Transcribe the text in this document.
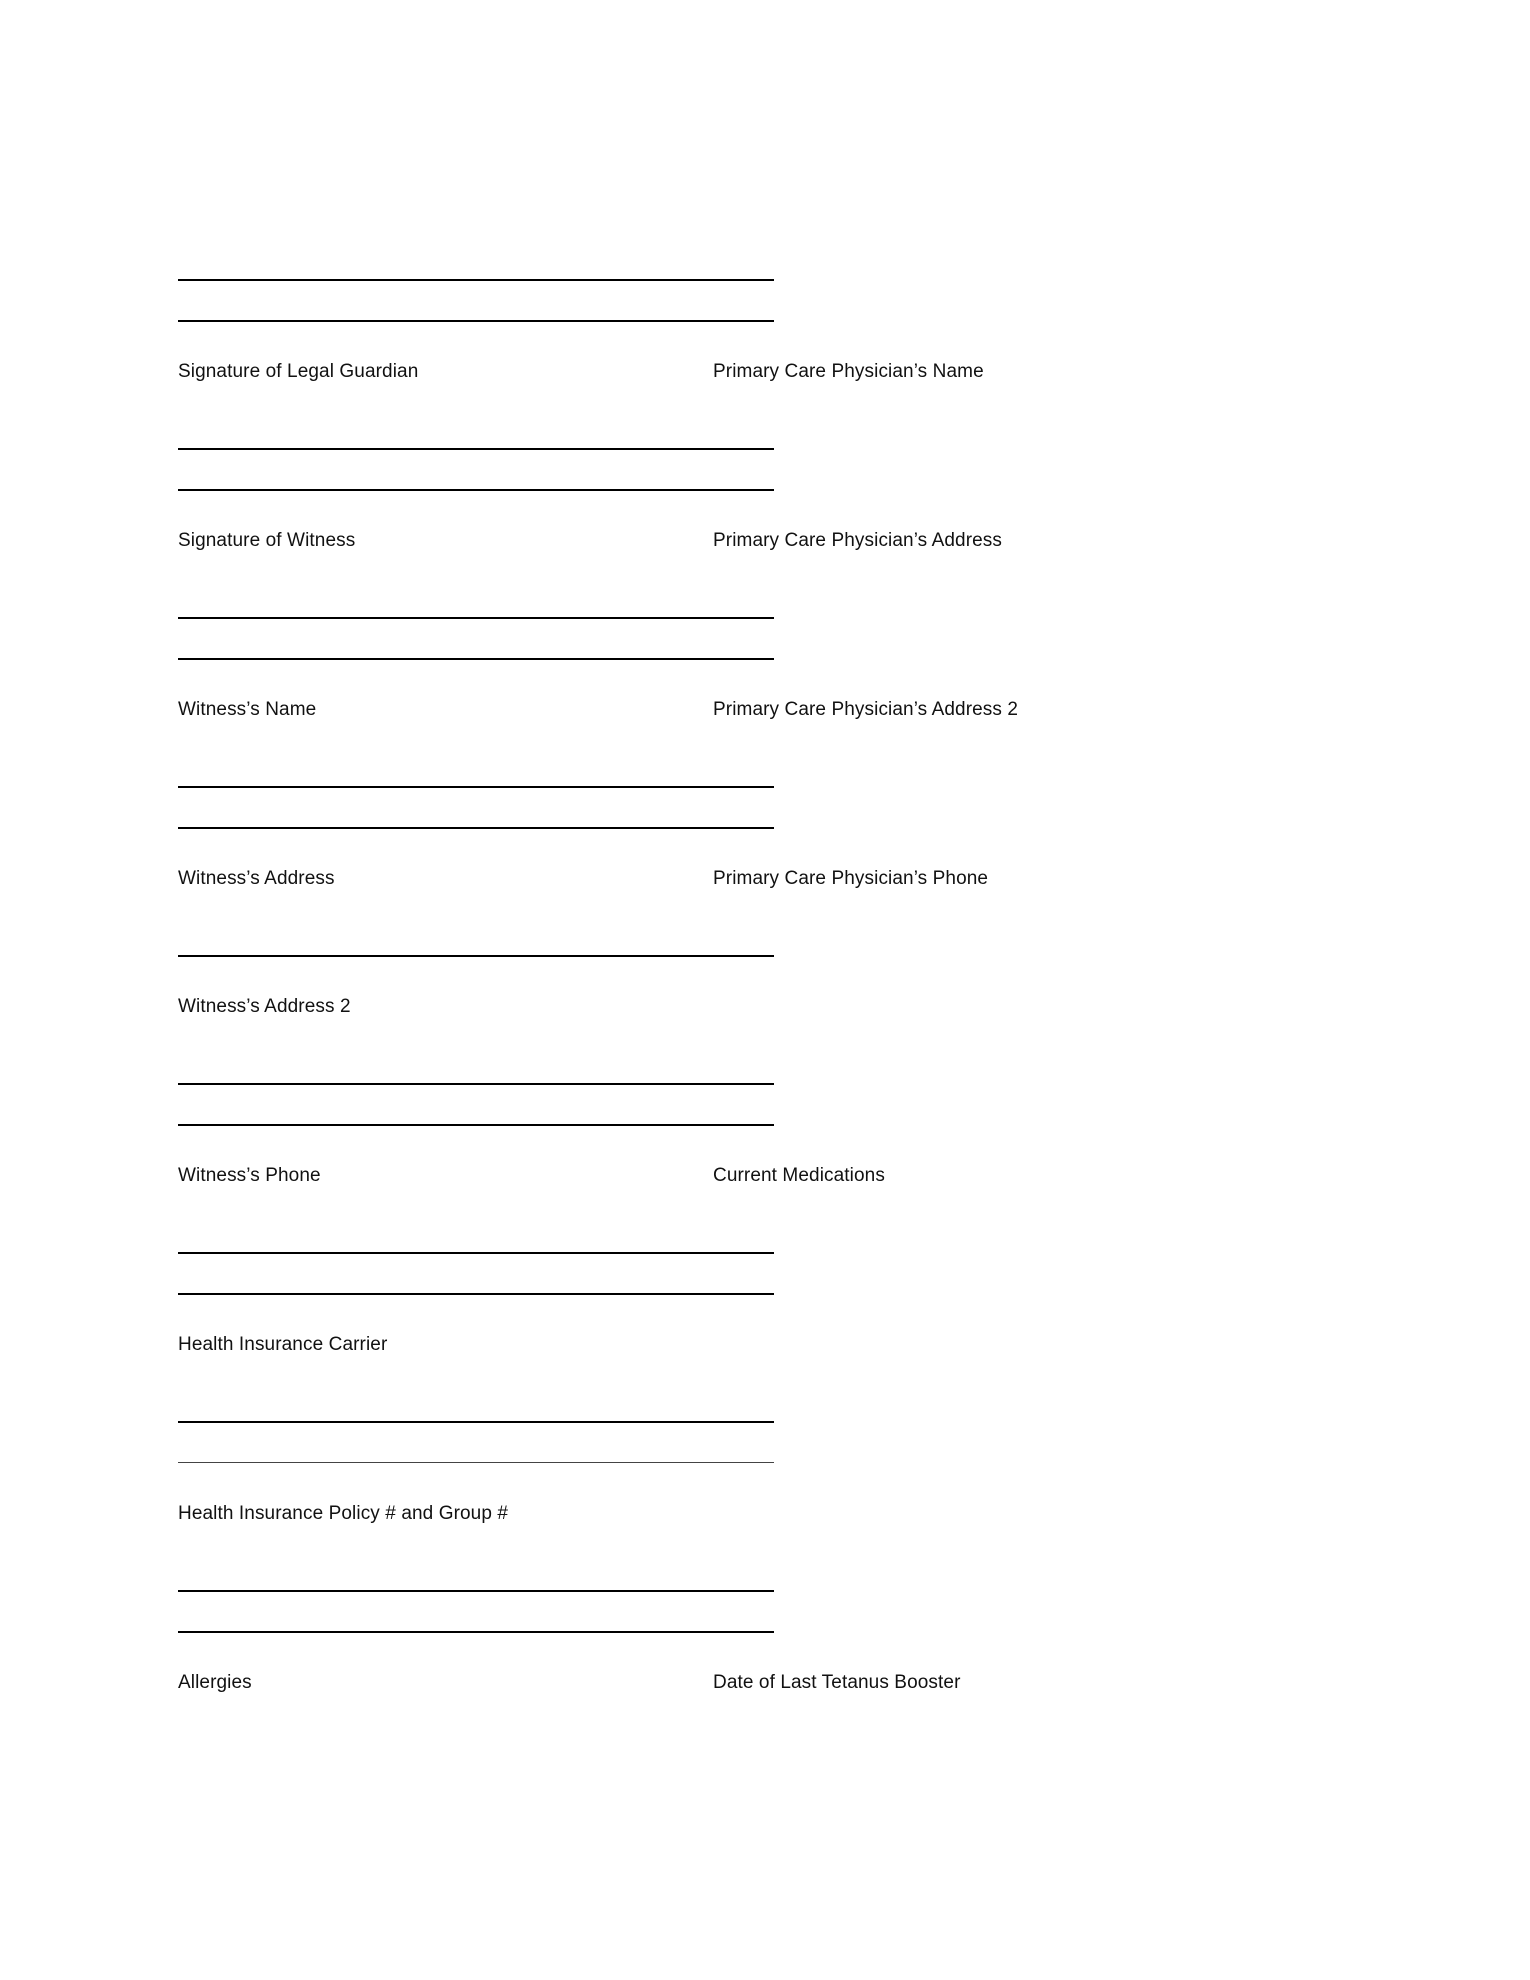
Signature of Legal Guardian	Primary Care Physician’s Name
Signature of Witness	Primary Care Physician’s Address
Witness’s Name	Primary Care Physician’s Address 2
Witness’s Address	Primary Care Physician’s Phone
Witness’s Address 2
Witness’s Phone	Current Medications
Health Insurance Carrier
Health Insurance Policy # and Group #
Allergies	Date of Last Tetanus Booster
